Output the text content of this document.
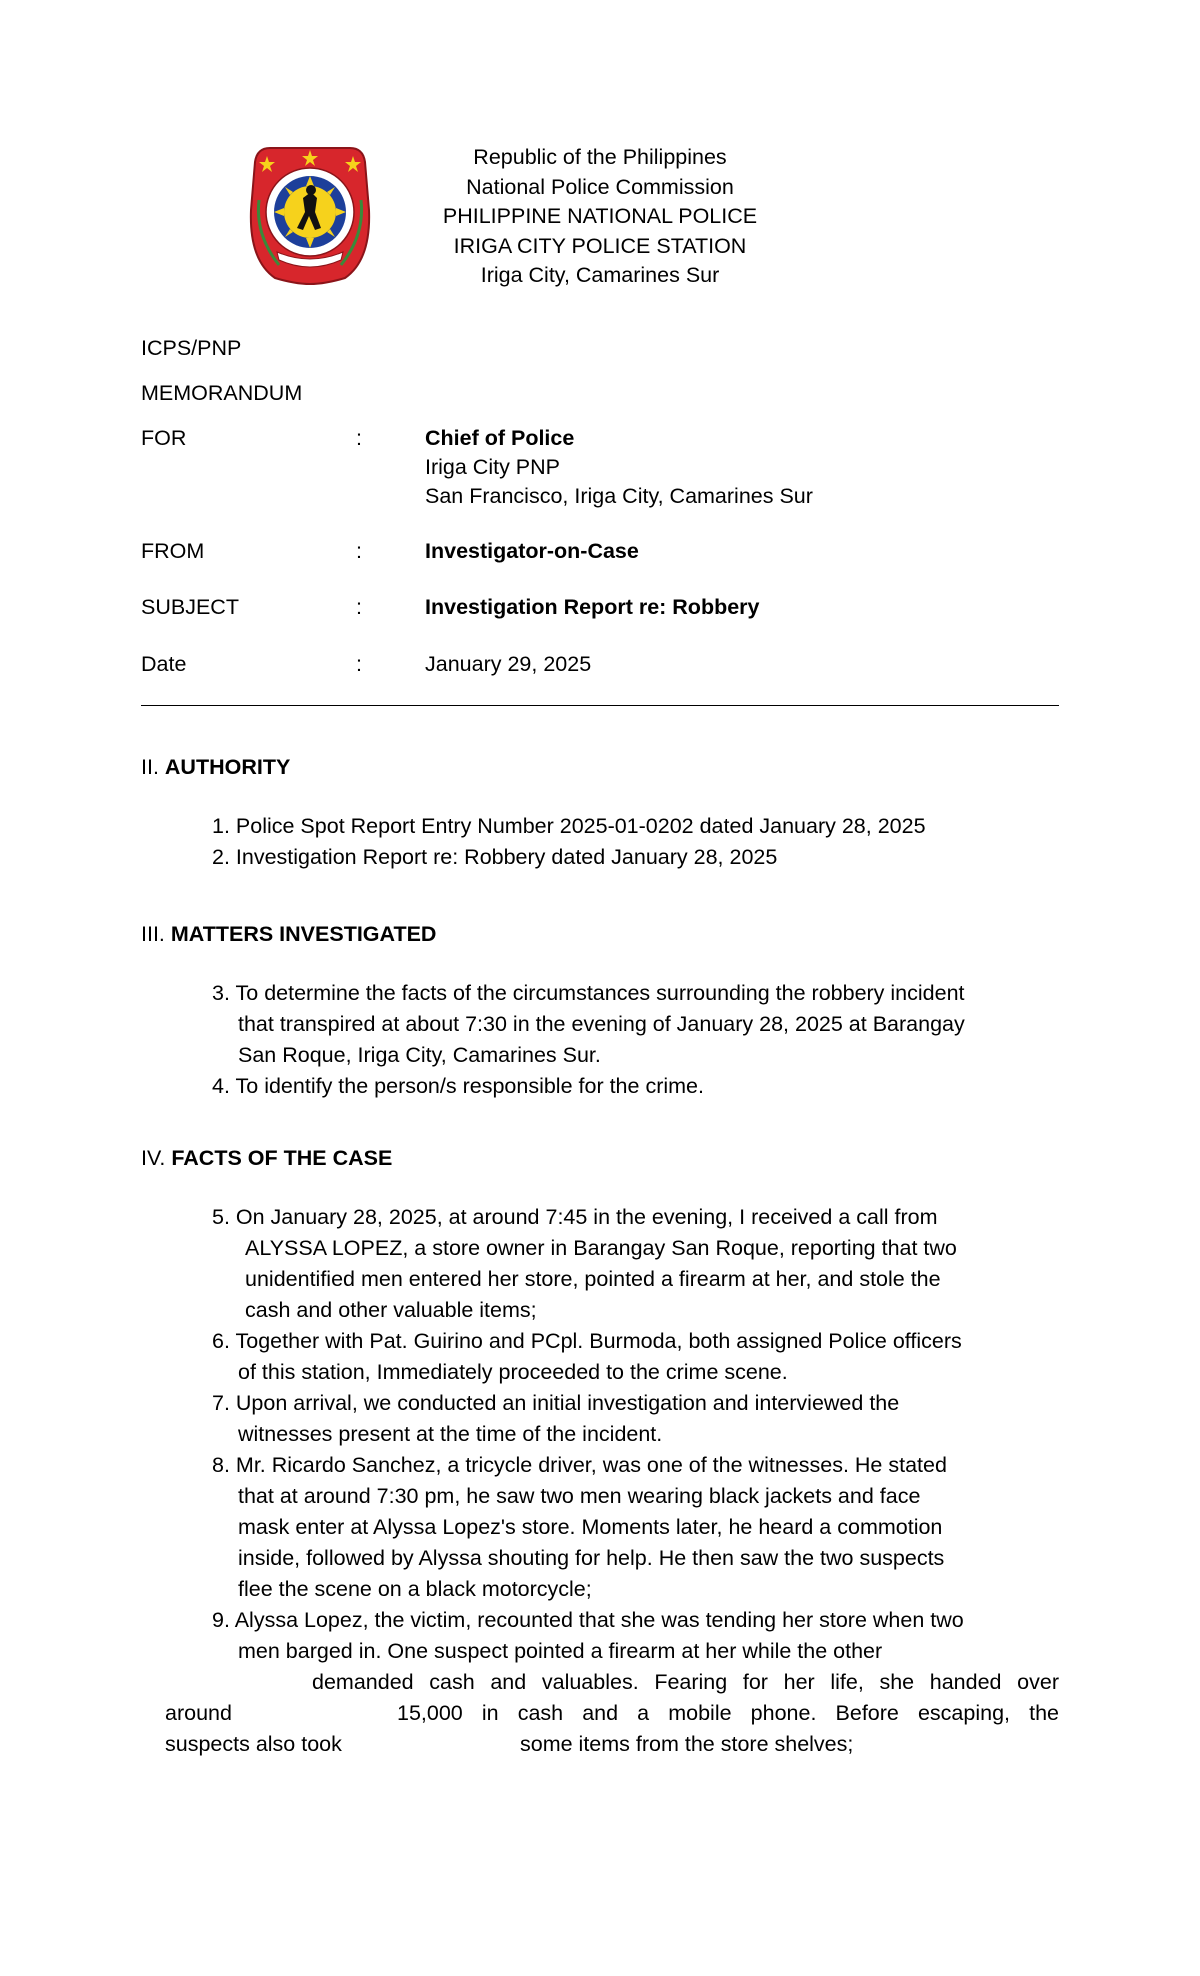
Republic of the Philippines
National Police Commission
PHILIPPINE NATIONAL POLICE
IRIGA CITY POLICE STATION
Iriga City, Camarines Sur
ICPS/PNP
MEMORANDUM
FOR	:	Chief of Police
Iriga City PNP
San Francisco, Iriga City, Camarines Sur
FROM	:	Investigator-on-Case
SUBJECT	:	Investigation Report re: Robbery
Date	:	January 29, 2025
II. AUTHORITY
1. Police Spot Report Entry Number 2025-01-0202 dated January 28, 2025
2. Investigation Report re: Robbery dated January 28, 2025
III. MATTERS INVESTIGATED
3. To determine the facts of the circumstances surrounding the robbery incident
that transpired at about 7:30 in the evening of January 28, 2025 at Barangay
San Roque, Iriga City, Camarines Sur.
4. To identify the person/s responsible for the crime.
IV. FACTS OF THE CASE
5. On January 28, 2025, at around 7:45 in the evening, I received a call from
ALYSSA LOPEZ, a store owner in Barangay San Roque, reporting that two
unidentified men entered her store, pointed a firearm at her, and stole the
cash and other valuable items;
6. Together with Pat. Guirino and PCpl. Burmoda, both assigned Police officers
of this station, Immediately proceeded to the crime scene.
7. Upon arrival, we conducted an initial investigation and interviewed the
witnesses present at the time of the incident.
8. Mr. Ricardo Sanchez, a tricycle driver, was one of the witnesses. He stated
that at around 7:30 pm, he saw two men wearing black jackets and face
mask enter at Alyssa Lopez's store. Moments later, he heard a commotion
inside, followed by Alyssa shouting for help. He then saw the two suspects
flee the scene on a black motorcycle;
9. Alyssa Lopez, the victim, recounted that she was tending her store when two
men barged in. One suspect pointed a firearm at her while the other
demanded cash and valuables. Fearing for her life, she handed over
around	15,000 in cash and a mobile phone. Before escaping, the
suspects also took	some items from the store shelves;
